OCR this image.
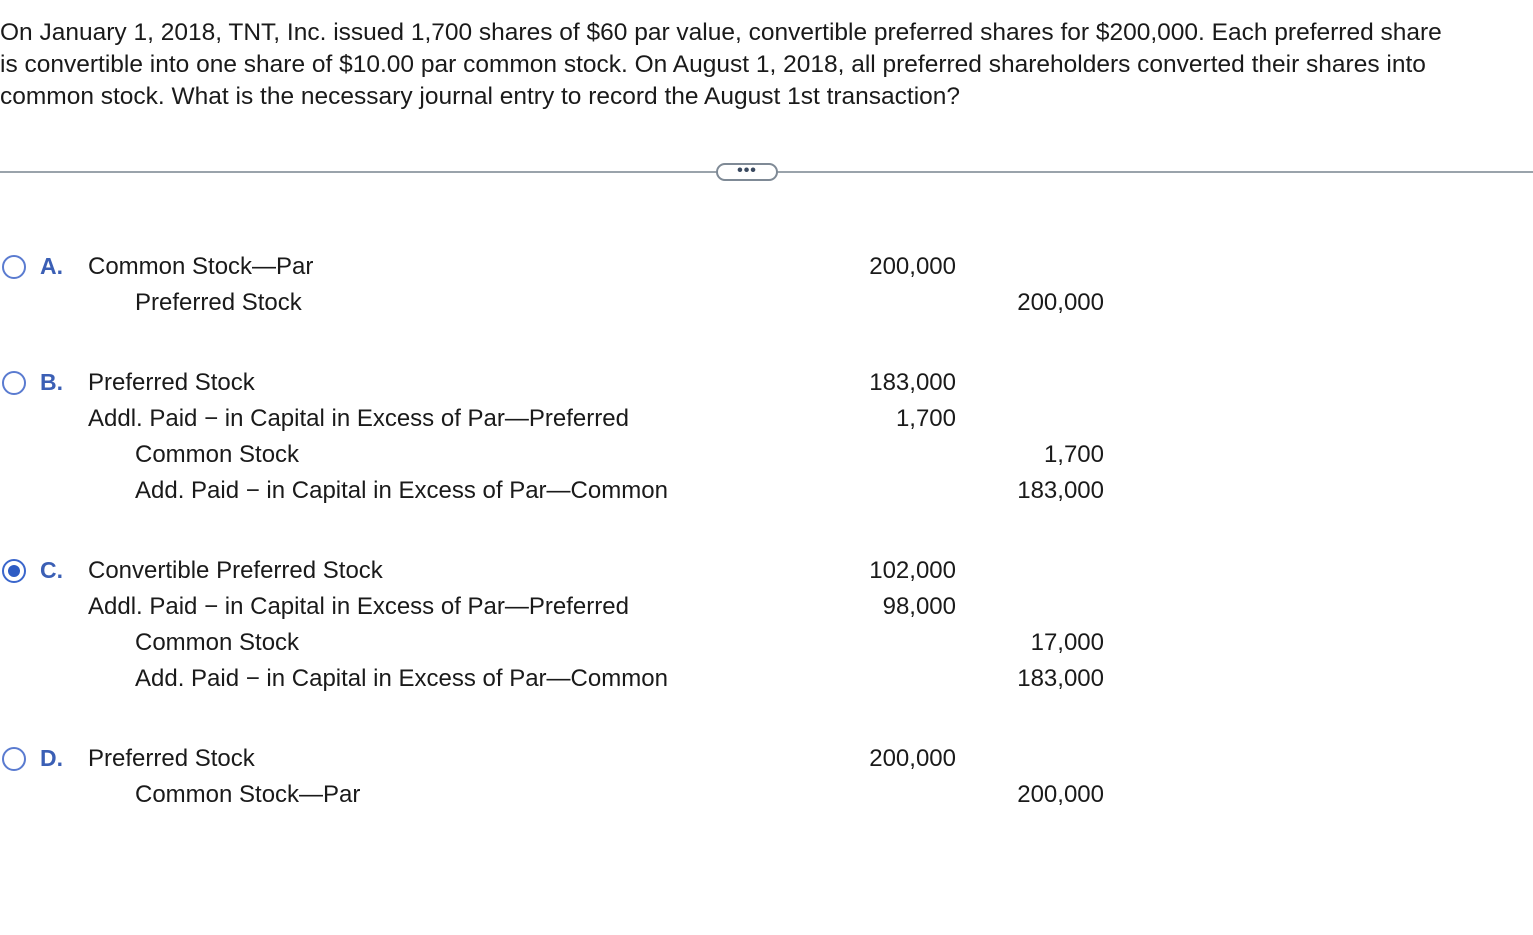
On January 1, 2018, TNT, Inc. issued 1,700 shares of $60 par value, convertible preferred shares for $200,000. Each preferred share
is convertible into one share of $10.00 par common stock. On August 1, 2018, all preferred shareholders converted their shares into
common stock. What is the necessary journal entry to record the August 1st transaction?
•••
A. Common Stock—Par	200,000
Preferred Stock	200,000
B. Preferred Stock	183,000
Addl. Paid − in Capital in Excess of Par—Preferred	1,700
Common Stock	1,700
Add. Paid − in Capital in Excess of Par—Common	183,000
C. Convertible Preferred Stock	102,000
Addl. Paid − in Capital in Excess of Par—Preferred	98,000
Common Stock	17,000
Add. Paid − in Capital in Excess of Par—Common	183,000
D. Preferred Stock	200,000
Common Stock—Par	200,000
